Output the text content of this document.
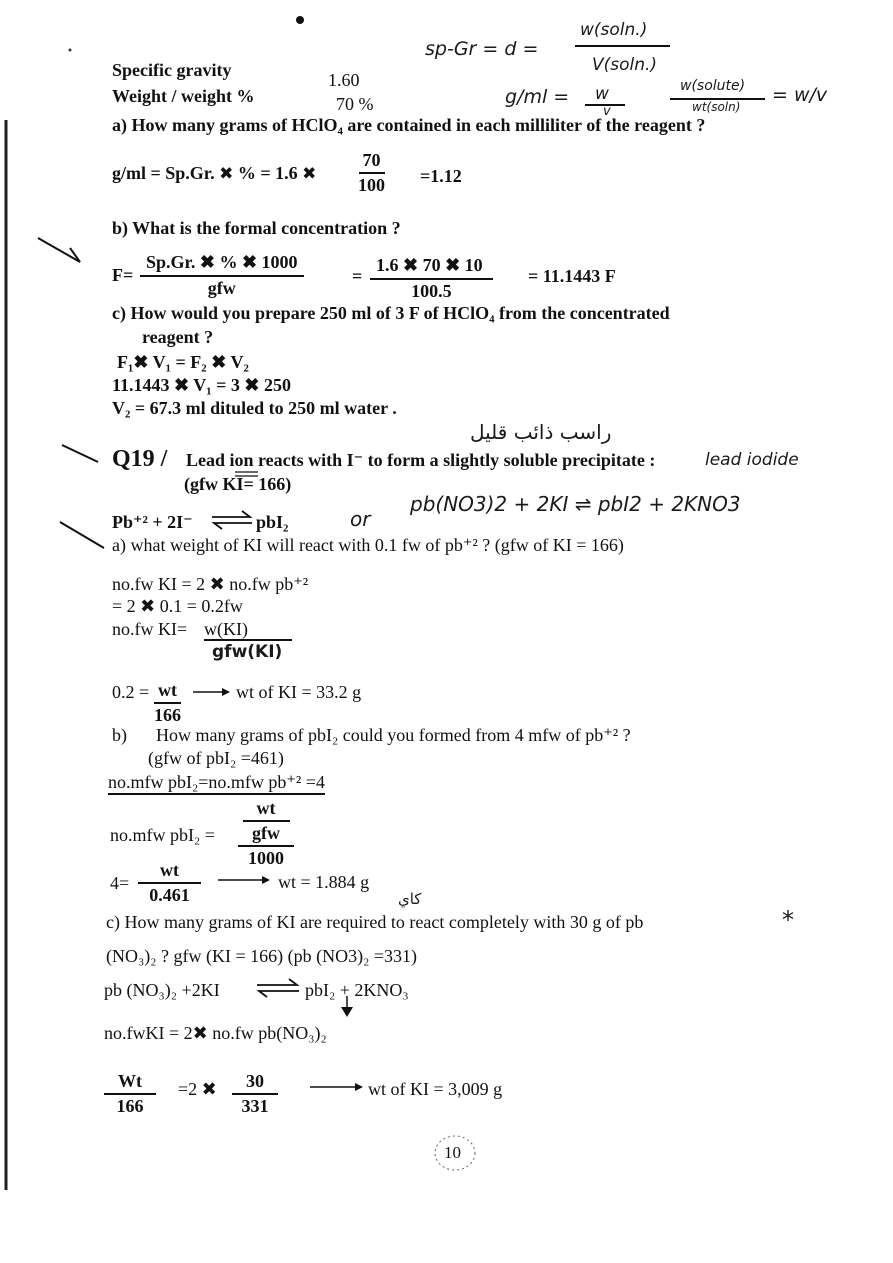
sp-Gr = d =
w(soln.)
V(soln.)
g/ml = w
v
w(solute)
wt(soln)
= w/v
Specific gravity	1.60
Weight / weight %	70 %
a) How many grams of HClO₄ are contained in each milliliter of the reagent ?
g/ml = Sp.Gr. ✖ % = 1.6 ✖ $\frac{70}{100} =1.12$
b) What is the formal concentration ?
F=
Sp.Gr. ✖ % ✖ 1000
gfw
= $\frac{1.6 ✖ 70 ✖ 10}{100.5} = 11.1443$ F
c) How would you prepare 250 ml of 3 F of HClO₄ from the concentrated
reagent ?
F₁✖ V₁ = F₂ ✖ V₂
11.1443 ✖ V₁ = 3 ✖ 250
V₂ = 67.3 ml dituled to 250 ml water .
راسب ذائب قليل
Q19 / Lead ion reacts with I⁻ to form a slightly soluble precipitate :	lead iodide
(gfw KI= 166)
Pb⁺² + 2I⁻	pbI₂	or
pb(NO3)2 + 2KI ⇌ pbI2 + 2KNO3
a) what weight of KI will react with 0.1 fw of pb⁺² ? (gfw of KI = 166)
no.fw KI = 2 ✖ no.fw pb⁺²
= 2 ✖ 0.1 = 0.2fw
no.fw KI= w(KI)
gfw(KI)
$0.2 = \frac{wt}{166}$	wt of KI = 33.2 g
b) How many grams of pbI₂ could you formed from 4 mfw of pb⁺² ?
(gfw of pbI₂ =461)
no.mfw pbI₂=no.mfw pb⁺² =4
no.mfw pbI₂ =
wt
gfw
1000
$4= \frac{wt}{0.461}$	wt = 1.884 g
كاي
c) How many grams of KI are required to react completely with 30 g of pb	*
(NO₃)₂ ? gfw (KI = 166) (pb (NO3)₂ =331)
pb (NO₃)₂ +2KI	pbI₂ + 2KNO₃
no.fwKI = 2✖ no.fw pb(NO₃)₂
$\frac{Wt}{166} =2$ ✖ $\frac{30}{331}$	wt of KI = 3,009 g
10
